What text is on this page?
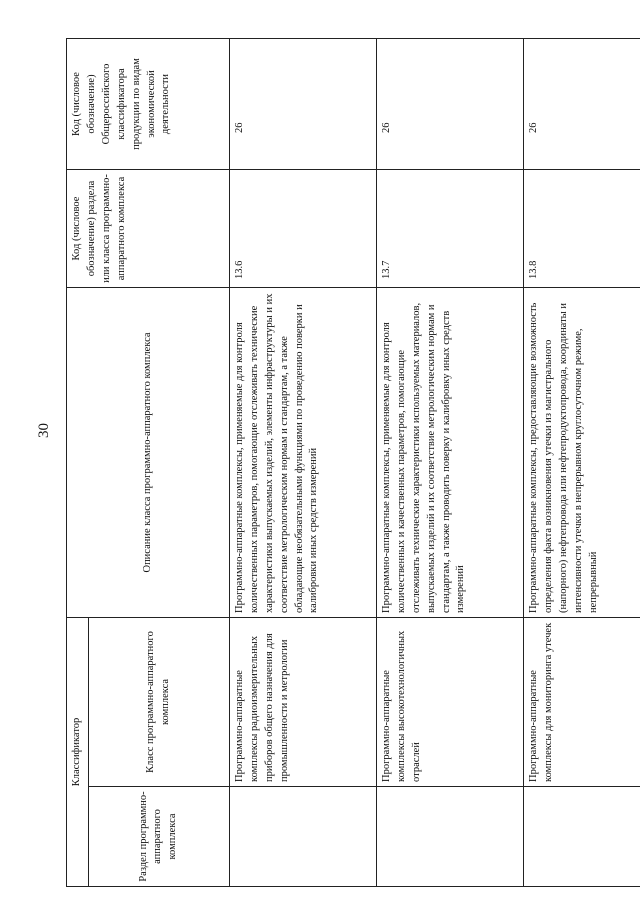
30
Классификатор		Описание класса программно-аппаратного комплекса	Код (числовое обозначение) раздела или класса программно-аппаратного комплекса	Код (числовое обозначение) Общероссийского классификатора продукции по видам экономической деятельности
Раздел программно-аппаратного комплекса	Класс программно-аппаратного комплекса			
	Программно-аппаратные комплексы радиоизмерительных приборов общего назначения для промышленности и метрологии	Программно-аппаратные комплексы, применяемые для контроля количественных параметров, помогающие отслеживать технические характеристики выпускаемых изделий, элементы инфраструктуры и их соответствие метрологическим нормам и стандартам, а также обладающие необязательными функциями по проведению поверки и калибровки иных средств измерений	13.6	26
	Программно-аппаратные комплексы высокотехнологичных отраслей	Программно-аппаратные комплексы, применяемые для контроля количественных и качественных параметров, помогающие отслеживать технические характеристики используемых материалов, выпускаемых изделий и их соответствие метрологическим нормам и стандартам, а также проводить поверку и калибровку иных средств измерений	13.7	26
	Программно-аппаратные комплексы для мониторинга утечек	Программно-аппаратные комплексы, предоставляющие возможность определения факта возникновения утечки из магистрального (напорного) нефтепровода или нефтепродуктопровода, координаты и интенсивности утечки в непрерывном круглосуточном режиме, непрерывный	13.8	26
